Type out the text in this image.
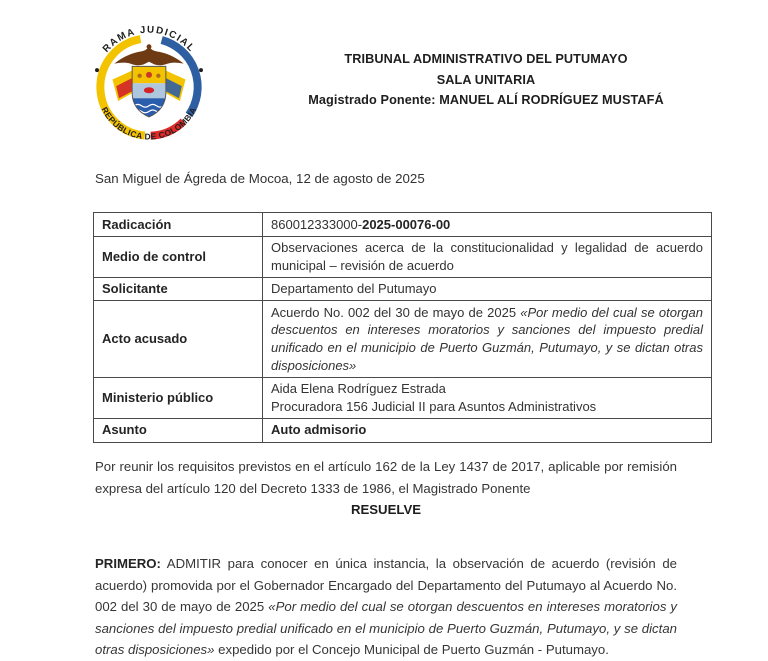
RAMA JUDICIAL
REPÚBLICA DE COLOMBIA
TRIBUNAL ADMINISTRATIVO DEL PUTUMAYO
SALA UNITARIA
Magistrado Ponente: MANUEL ALÍ RODRÍGUEZ MUSTAFÁ
San Miguel de Ágreda de Mocoa, 12 de agosto de 2025
Radicación	860012333000-2025-00076-00
Medio de control	Observaciones acerca de la constitucionalidad y legalidad de acuerdo municipal – revisión de acuerdo
Solicitante	Departamento del Putumayo
Acto acusado	Acuerdo No. 002 del 30 de mayo de 2025 «Por medio del cual se otorgan descuentos en intereses moratorios y sanciones del impuesto predial unificado en el municipio de Puerto Guzmán, Putumayo, y se dictan otras disposiciones»
Ministerio público	Aida Elena Rodríguez Estrada
Procuradora 156 Judicial II para Asuntos Administrativos

Asunto	Auto admisorio

Por reunir los requisitos previstos en el artículo 162 de la Ley 1437 de 2017, aplicable por remisión expresa del artículo 120 del Decreto 1333 de 1986, el Magistrado Ponente

RESUELVE

PRIMERO: ADMITIR para conocer en única instancia, la observación de acuerdo (revisión de acuerdo) promovida por el Gobernador Encargado del Departamento del Putumayo al Acuerdo No. 002 del 30 de mayo de 2025 «Por medio del cual se otorgan descuentos en intereses moratorios y sanciones del impuesto predial unificado en el municipio de Puerto Guzmán, Putumayo, y se dictan otras disposiciones» expedido por el Concejo Municipal de Puerto Guzmán - Putumayo.
